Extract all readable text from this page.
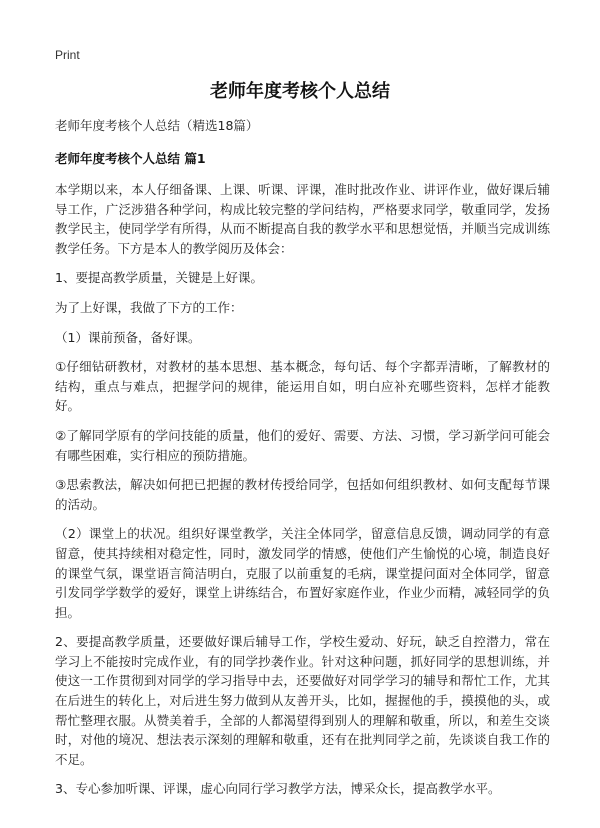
Print
老师年度考核个人总结

老师年度考核个人总结（精选18篇）

老师年度考核个人总结 篇1

本学期以来，本人仔细备课、上课、听课、评课，准时批改作业、讲评作业，做好课后辅导工作，广泛涉猎各种学问，构成比较完整的学问结构，严格要求同学，敬重同学，发扬教学民主，使同学学有所得，从而不断提高自我的教学水平和思想觉悟，并顺当完成训练教学任务。下方是本人的教学阅历及体会：

1、要提高教学质量，关键是上好课。

为了上好课，我做了下方的工作：

（1）课前预备，备好课。

①仔细钻研教材，对教材的基本思想、基本概念，每句话、每个字都弄清晰，了解教材的结构，重点与难点，把握学问的规律，能运用自如，明白应补充哪些资料，怎样才能教好。

②了解同学原有的学问技能的质量，他们的爱好、需要、方法、习惯，学习新学问可能会有哪些困难，实行相应的预防措施。

③思索教法，解决如何把已把握的教材传授给同学，包括如何组织教材、如何支配每节课的活动。

（2）课堂上的状况。组织好课堂教学，关注全体同学，留意信息反馈，调动同学的有意留意，使其持续相对稳定性，同时，激发同学的情感，使他们产生愉悦的心境，制造良好的课堂气氛，课堂语言简洁明白，克服了以前重复的毛病，课堂提问面对全体同学，留意引发同学学数学的爱好，课堂上讲练结合，布置好家庭作业，作业少而精，减轻同学的负担。

2、要提高教学质量，还要做好课后辅导工作，学校生爱动、好玩，缺乏自控潜力，常在学习上不能按时完成作业，有的同学抄袭作业。针对这种问题，抓好同学的思想训练，并使这一工作贯彻到对同学的学习指导中去，还要做好对同学学习的辅导和帮忙工作，尤其在后进生的转化上，对后进生努力做到从友善开头，比如，握握他的手，摸摸他的头，或帮忙整理衣服。从赞美着手，全部的人都渴望得到别人的理解和敬重，所以，和差生交谈时，对他的境况、想法表示深刻的理解和敬重，还有在批判同学之前，先谈谈自我工作的不足。

3、专心参加听课、评课，虚心向同行学习教学方法，博采众长，提高教学水平。
